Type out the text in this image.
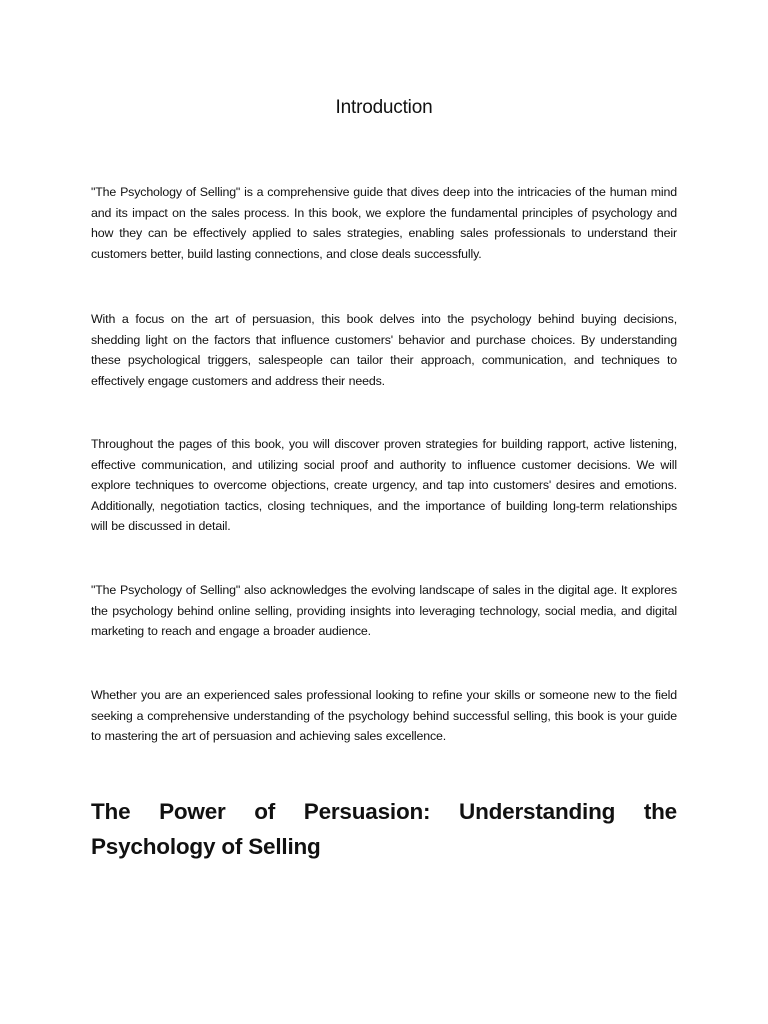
Introduction

"The Psychology of Selling" is a comprehensive guide that dives deep into the intricacies of the human mind and its impact on the sales process. In this book, we explore the fundamental principles of psychology and how they can be effectively applied to sales strategies, enabling sales professionals to understand their customers better, build lasting connections, and close deals successfully.

With a focus on the art of persuasion, this book delves into the psychology behind buying decisions, shedding light on the factors that influence customers' behavior and purchase choices. By understanding these psychological triggers, salespeople can tailor their approach, communication, and techniques to effectively engage customers and address their needs.

Throughout the pages of this book, you will discover proven strategies for building rapport, active listening, effective communication, and utilizing social proof and authority to influence customer decisions. We will explore techniques to overcome objections, create urgency, and tap into customers' desires and emotions. Additionally, negotiation tactics, closing techniques, and the importance of building long-term relationships will be discussed in detail.

"The Psychology of Selling" also acknowledges the evolving landscape of sales in the digital age. It explores the psychology behind online selling, providing insights into leveraging technology, social media, and digital marketing to reach and engage a broader audience.

Whether you are an experienced sales professional looking to refine your skills or someone new to the field seeking a comprehensive understanding of the psychology behind successful selling, this book is your guide to mastering the art of persuasion and achieving sales excellence.

The Power of Persuasion: Understanding the Psychology of Selling
